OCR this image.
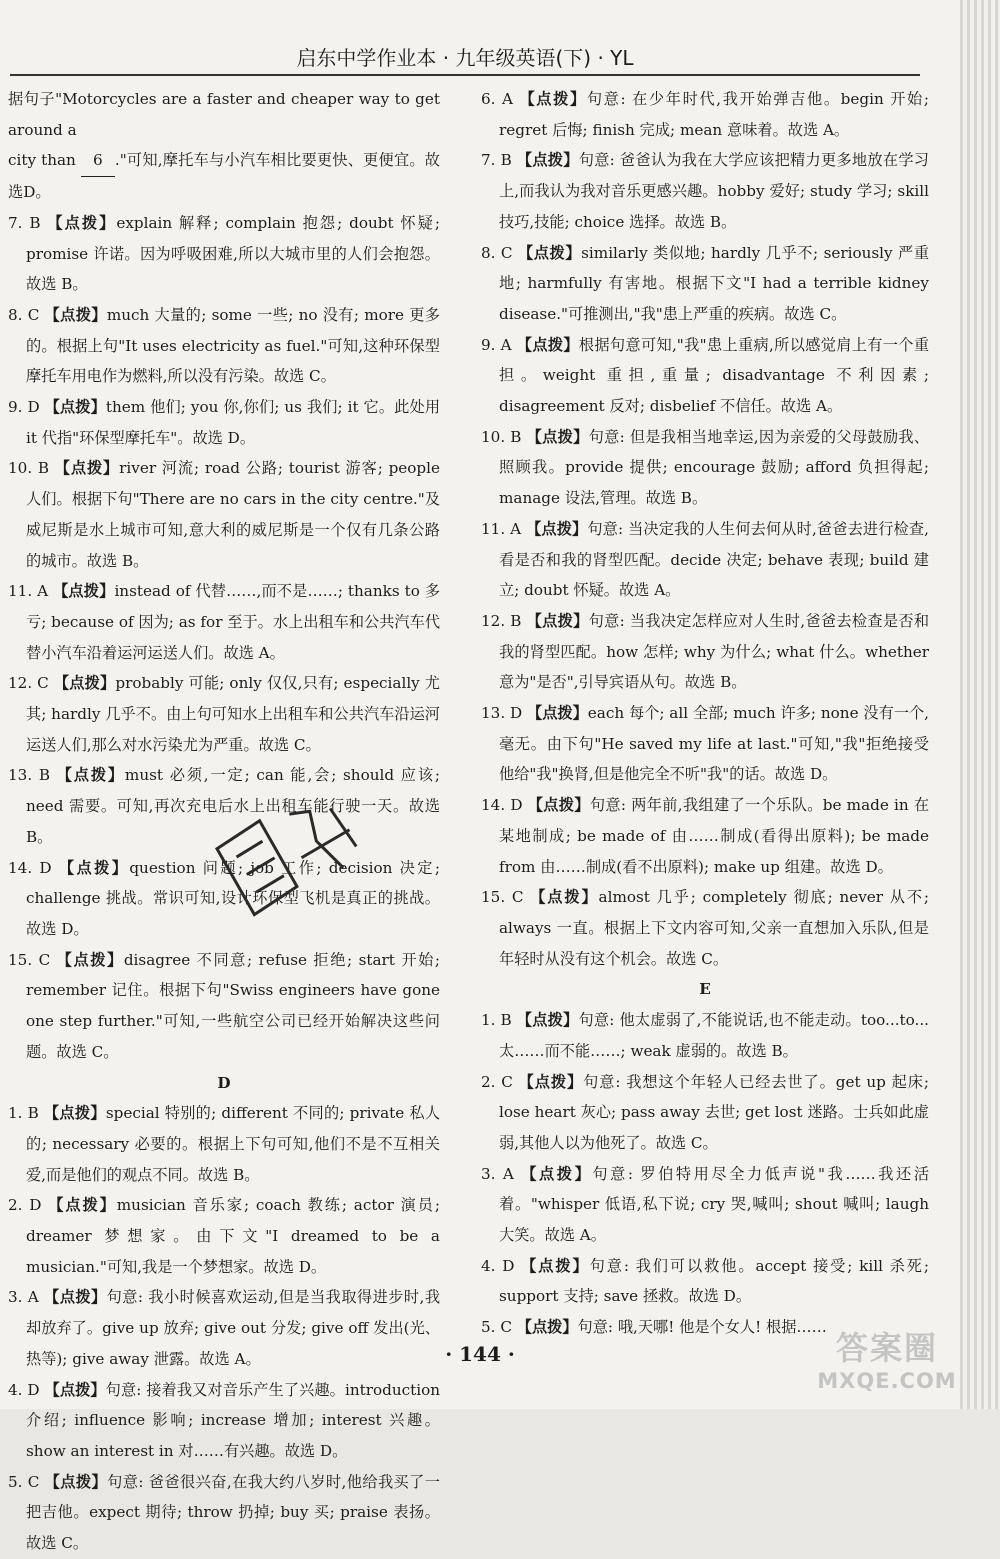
启东中学作业本 · 九年级英语(下) · YL

据句子"Motorcycles are a faster and cheaper way to get around a
city than 6 ."可知,摩托车与小汽车相比要更快、更便宜。故选D。

7. B 【点拨】explain 解释; complain 抱怨; doubt 怀疑; promise 许诺。因为呼吸困难,所以大城市里的人们会抱怨。故选 B。

8. C 【点拨】much 大量的; some 一些; no 没有; more 更多的。根据上句"It uses electricity as fuel."可知,这种环保型摩托车用电作为燃料,所以没有污染。故选 C。

9. D 【点拨】them 他们; you 你,你们; us 我们; it 它。此处用 it 代指"环保型摩托车"。故选 D。

10. B 【点拨】river 河流; road 公路; tourist 游客; people 人们。根据下句"There are no cars in the city centre."及威尼斯是水上城市可知,意大利的威尼斯是一个仅有几条公路的城市。故选 B。

11. A 【点拨】instead of 代替……,而不是……; thanks to 多亏; because of 因为; as for 至于。水上出租车和公共汽车代替小汽车沿着运河运送人们。故选 A。

12. C 【点拨】probably 可能; only 仅仅,只有; especially 尤其; hardly 几乎不。由上句可知水上出租车和公共汽车沿运河运送人们,那么对水污染尤为严重。故选 C。

13. B 【点拨】must 必须,一定; can 能,会; should 应该; need 需要。可知,再次充电后水上出租车能行驶一天。故选 B。

14. D 【点拨】question 问题; job 工作; decision 决定; challenge 挑战。常识可知,设计环保型飞机是真正的挑战。故选 D。

15. C 【点拨】disagree 不同意; refuse 拒绝; start 开始; remember 记住。根据下句"Swiss engineers have gone one step further."可知,一些航空公司已经开始解决这些问题。故选 C。

D

1. B 【点拨】special 特别的; different 不同的; private 私人的; necessary 必要的。根据上下句可知,他们不是不互相关爱,而是他们的观点不同。故选 B。

2. D 【点拨】musician 音乐家; coach 教练; actor 演员; dreamer 梦想家。由下文"I dreamed to be a musician."可知,我是一个梦想家。故选 D。

3. A 【点拨】句意: 我小时候喜欢运动,但是当我取得进步时,我却放弃了。give up 放弃; give out 分发; give off 发出(光、热等); give away 泄露。故选 A。

4. D 【点拨】句意: 接着我又对音乐产生了兴趣。introduction 介绍; influence 影响; increase 增加; interest 兴趣。show an interest in 对……有兴趣。故选 D。

5. C 【点拨】句意: 爸爸很兴奋,在我大约八岁时,他给我买了一把吉他。expect 期待; throw 扔掉; buy 买; praise 表扬。故选 C。

6. A 【点拨】句意: 在少年时代,我开始弹吉他。begin 开始; regret 后悔; finish 完成; mean 意味着。故选 A。

7. B 【点拨】句意: 爸爸认为我在大学应该把精力更多地放在学习上,而我认为我对音乐更感兴趣。hobby 爱好; study 学习; skill 技巧,技能; choice 选择。故选 B。

8. C 【点拨】similarly 类似地; hardly 几乎不; seriously 严重地; harmfully 有害地。根据下文"I had a terrible kidney disease."可推测出,"我"患上严重的疾病。故选 C。

9. A 【点拨】根据句意可知,"我"患上重病,所以感觉肩上有一个重担。weight 重担,重量; disadvantage 不利因素; disagreement 反对; disbelief 不信任。故选 A。

10. B 【点拨】句意: 但是我相当地幸运,因为亲爱的父母鼓励我、照顾我。provide 提供; encourage 鼓励; afford 负担得起; manage 设法,管理。故选 B。

11. A 【点拨】句意: 当决定我的人生何去何从时,爸爸去进行检查,看是否和我的肾型匹配。decide 决定; behave 表现; build 建立; doubt 怀疑。故选 A。

12. B 【点拨】句意: 当我决定怎样应对人生时,爸爸去检查是否和我的肾型匹配。how 怎样; why 为什么; what 什么。whether 意为"是否",引导宾语从句。故选 B。

13. D 【点拨】each 每个; all 全部; much 许多; none 没有一个,毫无。由下句"He saved my life at last."可知,"我"拒绝接受他给"我"换肾,但是他完全不听"我"的话。故选 D。

14. D 【点拨】句意: 两年前,我组建了一个乐队。be made in 在某地制成; be made of 由……制成(看得出原料); be made from 由……制成(看不出原料); make up 组建。故选 D。

15. C 【点拨】almost 几乎; completely 彻底; never 从不; always 一直。根据上下文内容可知,父亲一直想加入乐队,但是年轻时从没有这个机会。故选 C。

E

1. B 【点拨】句意: 他太虚弱了,不能说话,也不能走动。too...to...太……而不能……; weak 虚弱的。故选 B。

2. C 【点拨】句意: 我想这个年轻人已经去世了。get up 起床; lose heart 灰心; pass away 去世; get lost 迷路。士兵如此虚弱,其他人以为他死了。故选 C。

3. A 【点拨】句意: 罗伯特用尽全力低声说"我……我还活着。"whisper 低语,私下说; cry 哭,喊叫; shout 喊叫; laugh 大笑。故选 A。

4. D 【点拨】句意: 我们可以救他。accept 接受; kill 杀死; support 支持; save 拯救。故选 D。

5. C 【点拨】句意: 哦,天哪! 他是个女人! 根据……

· 144 ·	答案圈
MXQE.COM
